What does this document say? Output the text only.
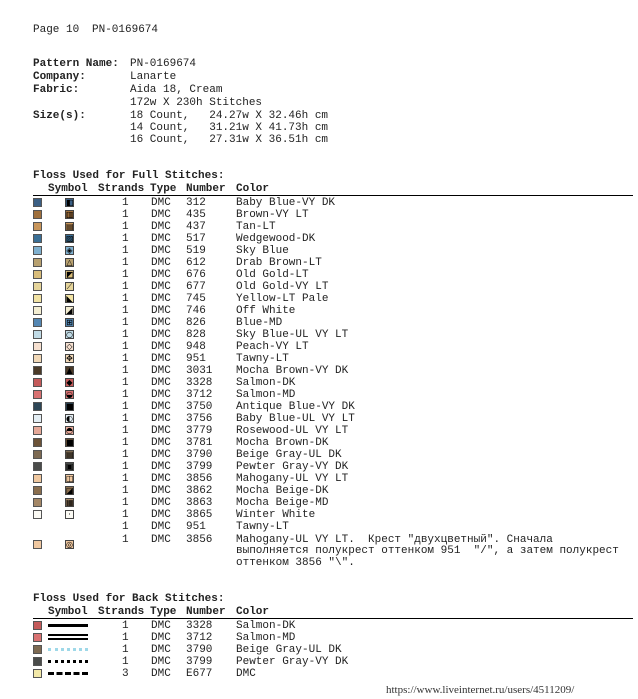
Page 10 PN-0169674
Pattern Name: PN-0169674
Company:	Lanarte
Fabric:	Aida 18, Cream
172w X 230h Stitches
Size(s):	18 Count,   24.27w X 32.46h cm
14 Count,   31.21w X 41.73h cm
16 Count,   27.31w X 36.51h cm
Floss Used for Full Stitches:
Symbol Strands Type Number Color
◧	1 DMC 312	Baby Blue-VY DK
▥	1 DMC 435	Brown-VY LT
▤	1 DMC 437	Tan-LT
▨	1 DMC 517	Wedgewood-DK
◈	1 DMC 519	Sky Blue
△	1 DMC 612	Drab Brown-LT
◩	1 DMC 676	Old Gold-LT
⟋	1 DMC 677	Old Gold-VY LT
◣	1 DMC 745	Yellow-LT Pale
◢	1 DMC 746	Off White
⊞	1 DMC 826	Blue-MD
○	1 DMC 828	Sky Blue-UL VY LT
◇	1 DMC 948	Peach-VY LT
✥	1 DMC 951	Tawny-LT
▲	1 DMC 3031 Mocha Brown-VY DK
◆	1 DMC 3328 Salmon-DK
◒	1 DMC 3712 Salmon-MD
■	1 DMC 3750 Antique Blue-VY DK
◐	1 DMC 3756 Baby Blue-UL VY LT
◓	1 DMC 3779 Rosewood-UL VY LT
■	1 DMC 3781 Mocha Brown-DK
▤	1 DMC 3790 Beige Gray-UL DK
▣	1 DMC 3799 Pewter Gray-VY DK
◫	1 DMC 3856 Mahogany-UL VY LT
◪	1 DMC 3862 Mocha Beige-DK
▦	1 DMC 3863 Mocha Beige-MD
·	1 DMC 3865 Winter White
1 DMC 951	Tawny-LT
◎	1 DMC 3856 Mahogany-UL VY LT.  Крест "двухцветный". Сначала
выполняется полукрест оттенком 951  "/", а затем полукрест
оттенком 3856 "\".
Floss Used for Back Stitches:
Symbol Strands Type Number Color
1 DMC 3328 Salmon-DK
1 DMC 3712 Salmon-MD
1 DMC 3790 Beige Gray-UL DK
1 DMC 3799 Pewter Gray-VY DK
3 DMC E677 DMC
https://www.liveinternet.ru/users/4511209/
